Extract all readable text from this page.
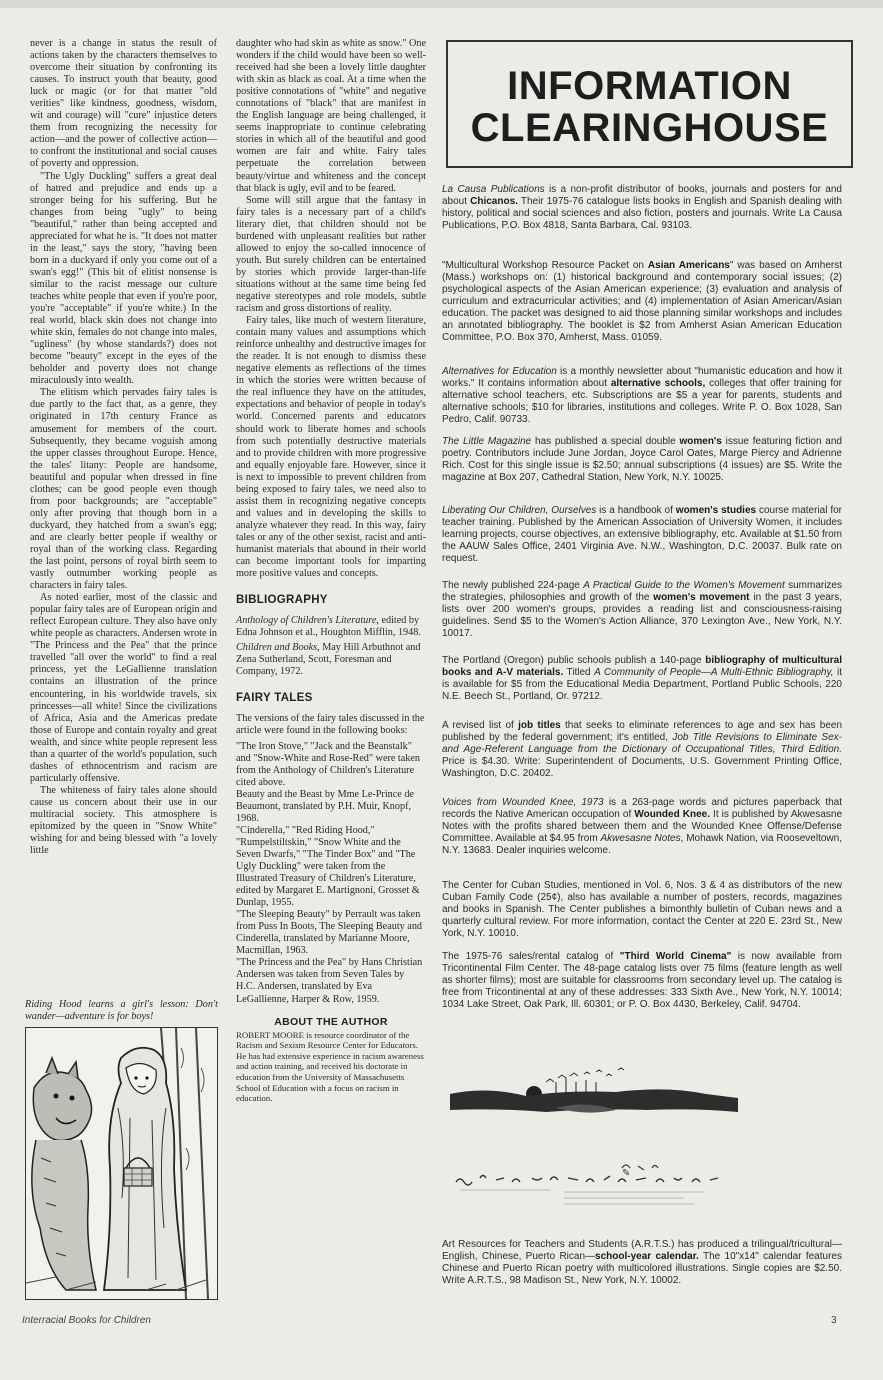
never is a change in status the result of actions taken by the characters themselves to overcome their situation by confronting its causes. To instruct youth that beauty, good luck or magic (or for that matter "old verities" like kindness, goodness, wisdom, wit and courage) will "cure" injustice deters them from recognizing the necessity for action—and the power of collective action—to confront the institutional and social causes of poverty and oppression.

"The Ugly Duckling" suffers a great deal of hatred and prejudice and ends up a stronger being for his suffering. But he changes from being "ugly" to being "beautiful," rather than being accepted and appreciated for what he is. "It does not matter in the least," says the story, "having been born in a duckyard if only you come out of a swan's egg!" (This bit of elitist nonsense is similar to the racist message our culture teaches white people that even if you're poor, you're "acceptable" if you're white.) In the real world, black skin does not change into white skin, females do not change into males, "ugliness" (by whose standards?) does not become "beauty" except in the eyes of the beholder and poverty does not change miraculously into wealth.

The elitism which pervades fairy tales is due partly to the fact that, as a genre, they originated in 17th century France as amusement for members of the court. Subsequently, they became voguish among the upper classes throughout Europe. Hence, the tales' litany: People are handsome, beautiful and popular when dressed in fine clothes; can be good people even though from poor backgrounds; are "acceptable" only after proving that though born in a duckyard, they hatched from a swan's egg; and are clearly better people if wealthy or royal than of the working class. Regarding the last point, persons of royal birth seem to vastly outnumber working people as characters in fairy tales.

As noted earlier, most of the classic and popular fairy tales are of European origin and reflect European culture. They also have only white people as characters. Andersen wrote in "The Princess and the Pea" that the prince travelled "all over the world" to find a real princess, yet the LeGallienne translation contains an illustration of the prince encountering, in his worldwide travels, six princesses—all white! Since the civilizations of Africa, Asia and the Americas predate those of Europe and contain royalty and great wealth, and since white people represent less than a quarter of the world's population, such dashes of ethnocentrism and racism are particularly offensive.

The whiteness of fairy tales alone should cause us concern about their use in our multiracial society. This atmosphere is epitomized by the queen in "Snow White" wishing for and being blessed with "a lovely little

Riding Hood learns a girl's lesson: Don't wander—adventure is for boys!

daughter who had skin as white as snow." One wonders if the child would have been so well-received had she been a lovely little daughter with skin as black as coal. At a time when the positive connotations of "white" and negative connotations of "black" that are manifest in the English language are being challenged, it seems inappropriate to continue celebrating stories in which all of the beautiful and good women are fair and white. Fairy tales perpetuate the correlation between beauty/virtue and whiteness and the concept that black is ugly, evil and to be feared.

Some will still argue that the fantasy in fairy tales is a necessary part of a child's literary diet, that children should not be burdened with unpleasant realities but rather allowed to enjoy the so-called innocence of youth. But surely children can be entertained by stories which provide larger-than-life situations without at the same time being fed negative stereotypes and role models, subtle racism and gross distortions of reality.

Fairy tales, like much of western literature, contain many values and assumptions which reinforce unhealthy and destructive images for the reader. It is not enough to dismiss these negative elements as reflections of the times in which the stories were written because of the real influence they have on the attitudes, expectations and behavior of people in today's world. Concerned parents and educators should work to liberate homes and schools from such potentially destructive materials and to provide children with more progressive and equally enjoyable fare. However, since it is next to impossible to prevent children from being exposed to fairy tales, we need also to assist them in recognizing negative concepts and values and in developing the skills to analyze whatever they read. In this way, fairy tales or any of the other sexist, racist and anti-humanist materials that abound in their world can become important tools for imparting more positive values and concepts.

BIBLIOGRAPHY

Anthology of Children's Literature, edited by Edna Johnson et al., Houghton Mifflin, 1948.

Children and Books, May Hill Arbuthnot and Zena Sutherland, Scott, Foresman and Company, 1972.

FAIRY TALES

The versions of the fairy tales discussed in the article were found in the following books:

"The Iron Stove," "Jack and the Beanstalk" and "Snow-White and Rose-Red" were taken from the Anthology of Children's Literature cited above.

Beauty and the Beast by Mme Le-Prince de Beaumont, translated by P.H. Muir, Knopf, 1968.

"Cinderella," "Red Riding Hood," "Rumpelstiltskin," "Snow White and the Seven Dwarfs," "The Tinder Box" and "The Ugly Duckling" were taken from the Illustrated Treasury of Children's Literature, edited by Margaret E. Martignoni, Grosset & Dunlap, 1955.

"The Sleeping Beauty" by Perrault was taken from Puss In Boots, The Sleeping Beauty and Cinderella, translated by Marianne Moore, Macmillan, 1963.

"The Princess and the Pea" by Hans Christian Andersen was taken from Seven Tales by H.C. Andersen, translated by Eva LeGallienne, Harper & Row, 1959.

ABOUT THE AUTHOR

ROBERT MOORE is resource coordinator of the Racism and Sexism Resource Center for Educators. He has had extensive experience in racism awareness and action training, and received his doctorate in education from the University of Massachusetts School of Education with a focus on racism in education.

INFORMATION
CLEARINGHOUSE
La Causa Publications is a non-profit distributor of books, journals and posters for and about Chicanos. Their 1975-76 catalogue lists books in English and Spanish dealing with history, political and social sciences and also fiction, posters and journals. Write La Causa Publications, P.O. Box 4818, Santa Barbara, Cal. 93103.
"Multicultural Workshop Resource Packet on Asian Americans" was based on Amherst (Mass.) workshops on: (1) historical background and contemporary social issues; (2) psychological aspects of the Asian American experience; (3) evaluation and analysis of curriculum and extracurricular activities; and (4) implementation of Asian American/Asian education. The packet was designed to aid those planning similar workshops and includes an annotated bibliography. The booklet is $2 from Amherst Asian American Education Committee, P.O. Box 370, Amherst, Mass. 01059.
Alternatives for Education is a monthly newsletter about "humanistic education and how it works." It contains information about alternative schools, colleges that offer training for alternative school teachers, etc. Subscriptions are $5 a year for parents, students and alternative schools; $10 for libraries, institutions and colleges. Write P. O. Box 1028, San Pedro, Calif. 90733.
The Little Magazine has published a special double women's issue featuring fiction and poetry. Contributors include June Jordan, Joyce Carol Oates, Marge Piercy and Adrienne Rich. Cost for this single issue is $2.50; annual subscriptions (4 issues) are $5. Write the magazine at Box 207, Cathedral Station, New York, N.Y. 10025.
Liberating Our Children, Ourselves is a handbook of women's studies course material for teacher training. Published by the American Association of University Women, it includes learning projects, course objectives, an extensive bibliography, etc. Available at $1.50 from the AAUW Sales Office, 2401 Virginia Ave. N.W., Washington, D.C. 20037. Bulk rate on request.
The newly published 224-page A Practical Guide to the Women's Movement summarizes the strategies, philosophies and growth of the women's movement in the past 3 years, lists over 200 women's groups, provides a reading list and consciousness-raising guidelines. Send $5 to the Women's Action Alliance, 370 Lexington Ave., New York, N.Y. 10017.
The Portland (Oregon) public schools publish a 140-page bibliography of multicultural books and A-V materials. Titled A Community of People—A Multi-Ethnic Bibliography, it is available for $5 from the Educational Media Department, Portland Public Schools, 220 N.E. Beech St., Portland, Or. 97212.
A revised list of job titles that seeks to eliminate references to age and sex has been published by the federal government; it's entitled, Job Title Revisions to Eliminate Sex- and Age-Referent Language from the Dictionary of Occupational Titles, Third Edition. Price is $4.30. Write: Superintendent of Documents, U.S. Government Printing Office, Washington, D.C. 20402.
Voices from Wounded Knee, 1973 is a 263-page words and pictures paperback that records the Native American occupation of Wounded Knee. It is published by Akwesasne Notes with the profits shared between them and the Wounded Knee Offense/Defense Committee. Available at $4.95 from Akwesasne Notes, Mohawk Nation, via Rooseveltown, N.Y. 13683. Dealer inquiries welcome.
The Center for Cuban Studies, mentioned in Vol. 6, Nos. 3 & 4 as distributors of the new Cuban Family Code (25¢), also has available a number of posters, records, magazines and books in Spanish. The Center publishes a bimonthly bulletin of Cuban news and a quarterly cultural review. For more information, contact the Center at 220 E. 23rd St., New York, N.Y. 10010.
The 1975-76 sales/rental catalog of "Third World Cinema" is now available from Tricontinental Film Center. The 48-page catalog lists over 75 films (feature length as well as shorter films); most are suitable for classrooms from secondary level up. The catalog is free from Tricontinental at any of these addresses: 333 Sixth Ave., New York, N.Y. 10014; 1034 Lake Street, Oak Park, Ill. 60301; or P. O. Box 4430, Berkeley, Calif. 94704.
✎
Art Resources for Teachers and Students (A.R.T.S.) has produced a trilingual/tricultural—English, Chinese, Puerto Rican—school-year calendar. The 10"x14" calendar features Chinese and Puerto Rican poetry with multicolored illustrations. Single copies are $2.50. Write A.R.T.S., 98 Madison St., New York, N.Y. 10002.
Interracial Books for Children	3
